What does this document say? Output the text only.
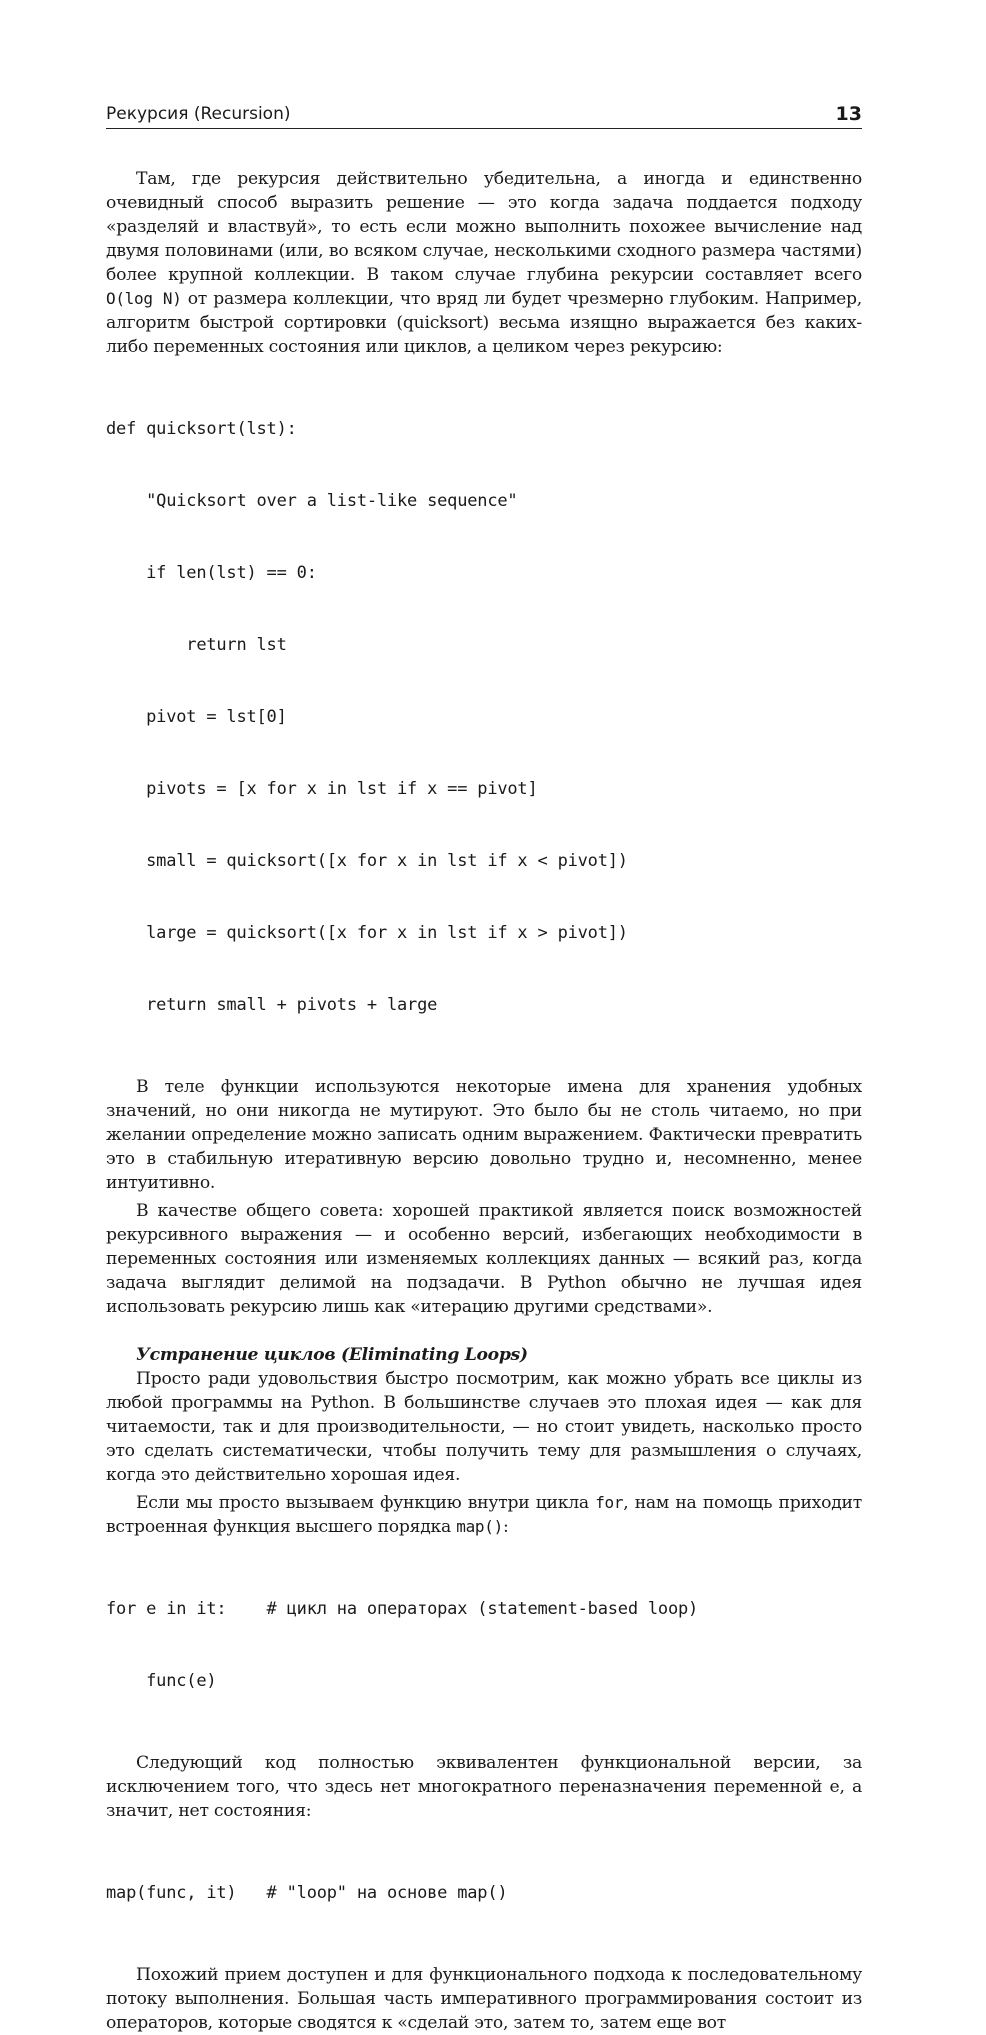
Рекурсия (Recursion)	13

Там, где рекурсия действительно убедительна, а иногда и единственно очевидный способ выразить решение — это когда задача поддается подходу «разделяй и властвуй», то есть если можно выполнить похожее вычисление над двумя половинами (или, во всяком случае, несколькими сходного размера частями) более крупной коллекции. В таком случае глубина рекурсии составляет всего O(log N) от размера коллекции, что вряд ли будет чрезмерно глубоким. Например, алгоритм быстрой сортировки (quicksort) весьма изящно выражается без каких-либо переменных состояния или циклов, а целиком через рекурсию:

def quicksort(lst):

"Quicksort over a list-like sequence"

if len(lst) == 0:

return lst

pivot = lst[0]

pivots = [x for x in lst if x == pivot]

small = quicksort([x for x in lst if x < pivot])

large = quicksort([x for x in lst if x > pivot])

return small + pivots + large

В теле функции используются некоторые имена для хранения удобных значений, но они никогда не мутируют. Это было бы не столь читаемо, но при желании определение можно записать одним выражением. Фактически превратить это в стабильную итеративную версию довольно трудно и, несомненно, менее интуитивно.

В качестве общего совета: хорошей практикой является поиск возможностей рекурсивного выражения — и особенно версий, избегающих необходимости в переменных состояния или изменяемых коллекциях данных — всякий раз, когда задача выглядит делимой на подзадачи. В Python обычно не лучшая идея использовать рекурсию лишь как «итерацию другими средствами».

Устранение циклов (Eliminating Loops)

Просто ради удовольствия быстро посмотрим, как можно убрать все циклы из любой программы на Python. В большинстве случаев это плохая идея — как для читаемости, так и для производительности, — но стоит увидеть, насколько просто это сделать систематически, чтобы получить тему для размышления о случаях, когда это действительно хорошая идея.

Если мы просто вызываем функцию внутри цикла for, нам на помощь приходит встроенная функция высшего порядка map():

for e in it:    # цикл на операторах (statement-based loop)

func(e)

Следующий код полностью эквивалентен функциональной версии, за исключением того, что здесь нет многократного переназначения переменной e, а значит, нет состояния:

map(func, it)   # "loop" на основе map()

Похожий прием доступен и для функционального подхода к последовательному потоку выполнения. Большая часть императивного программирования состоит из операторов, которые сводятся к «сделай это, затем то, затем еще вот
